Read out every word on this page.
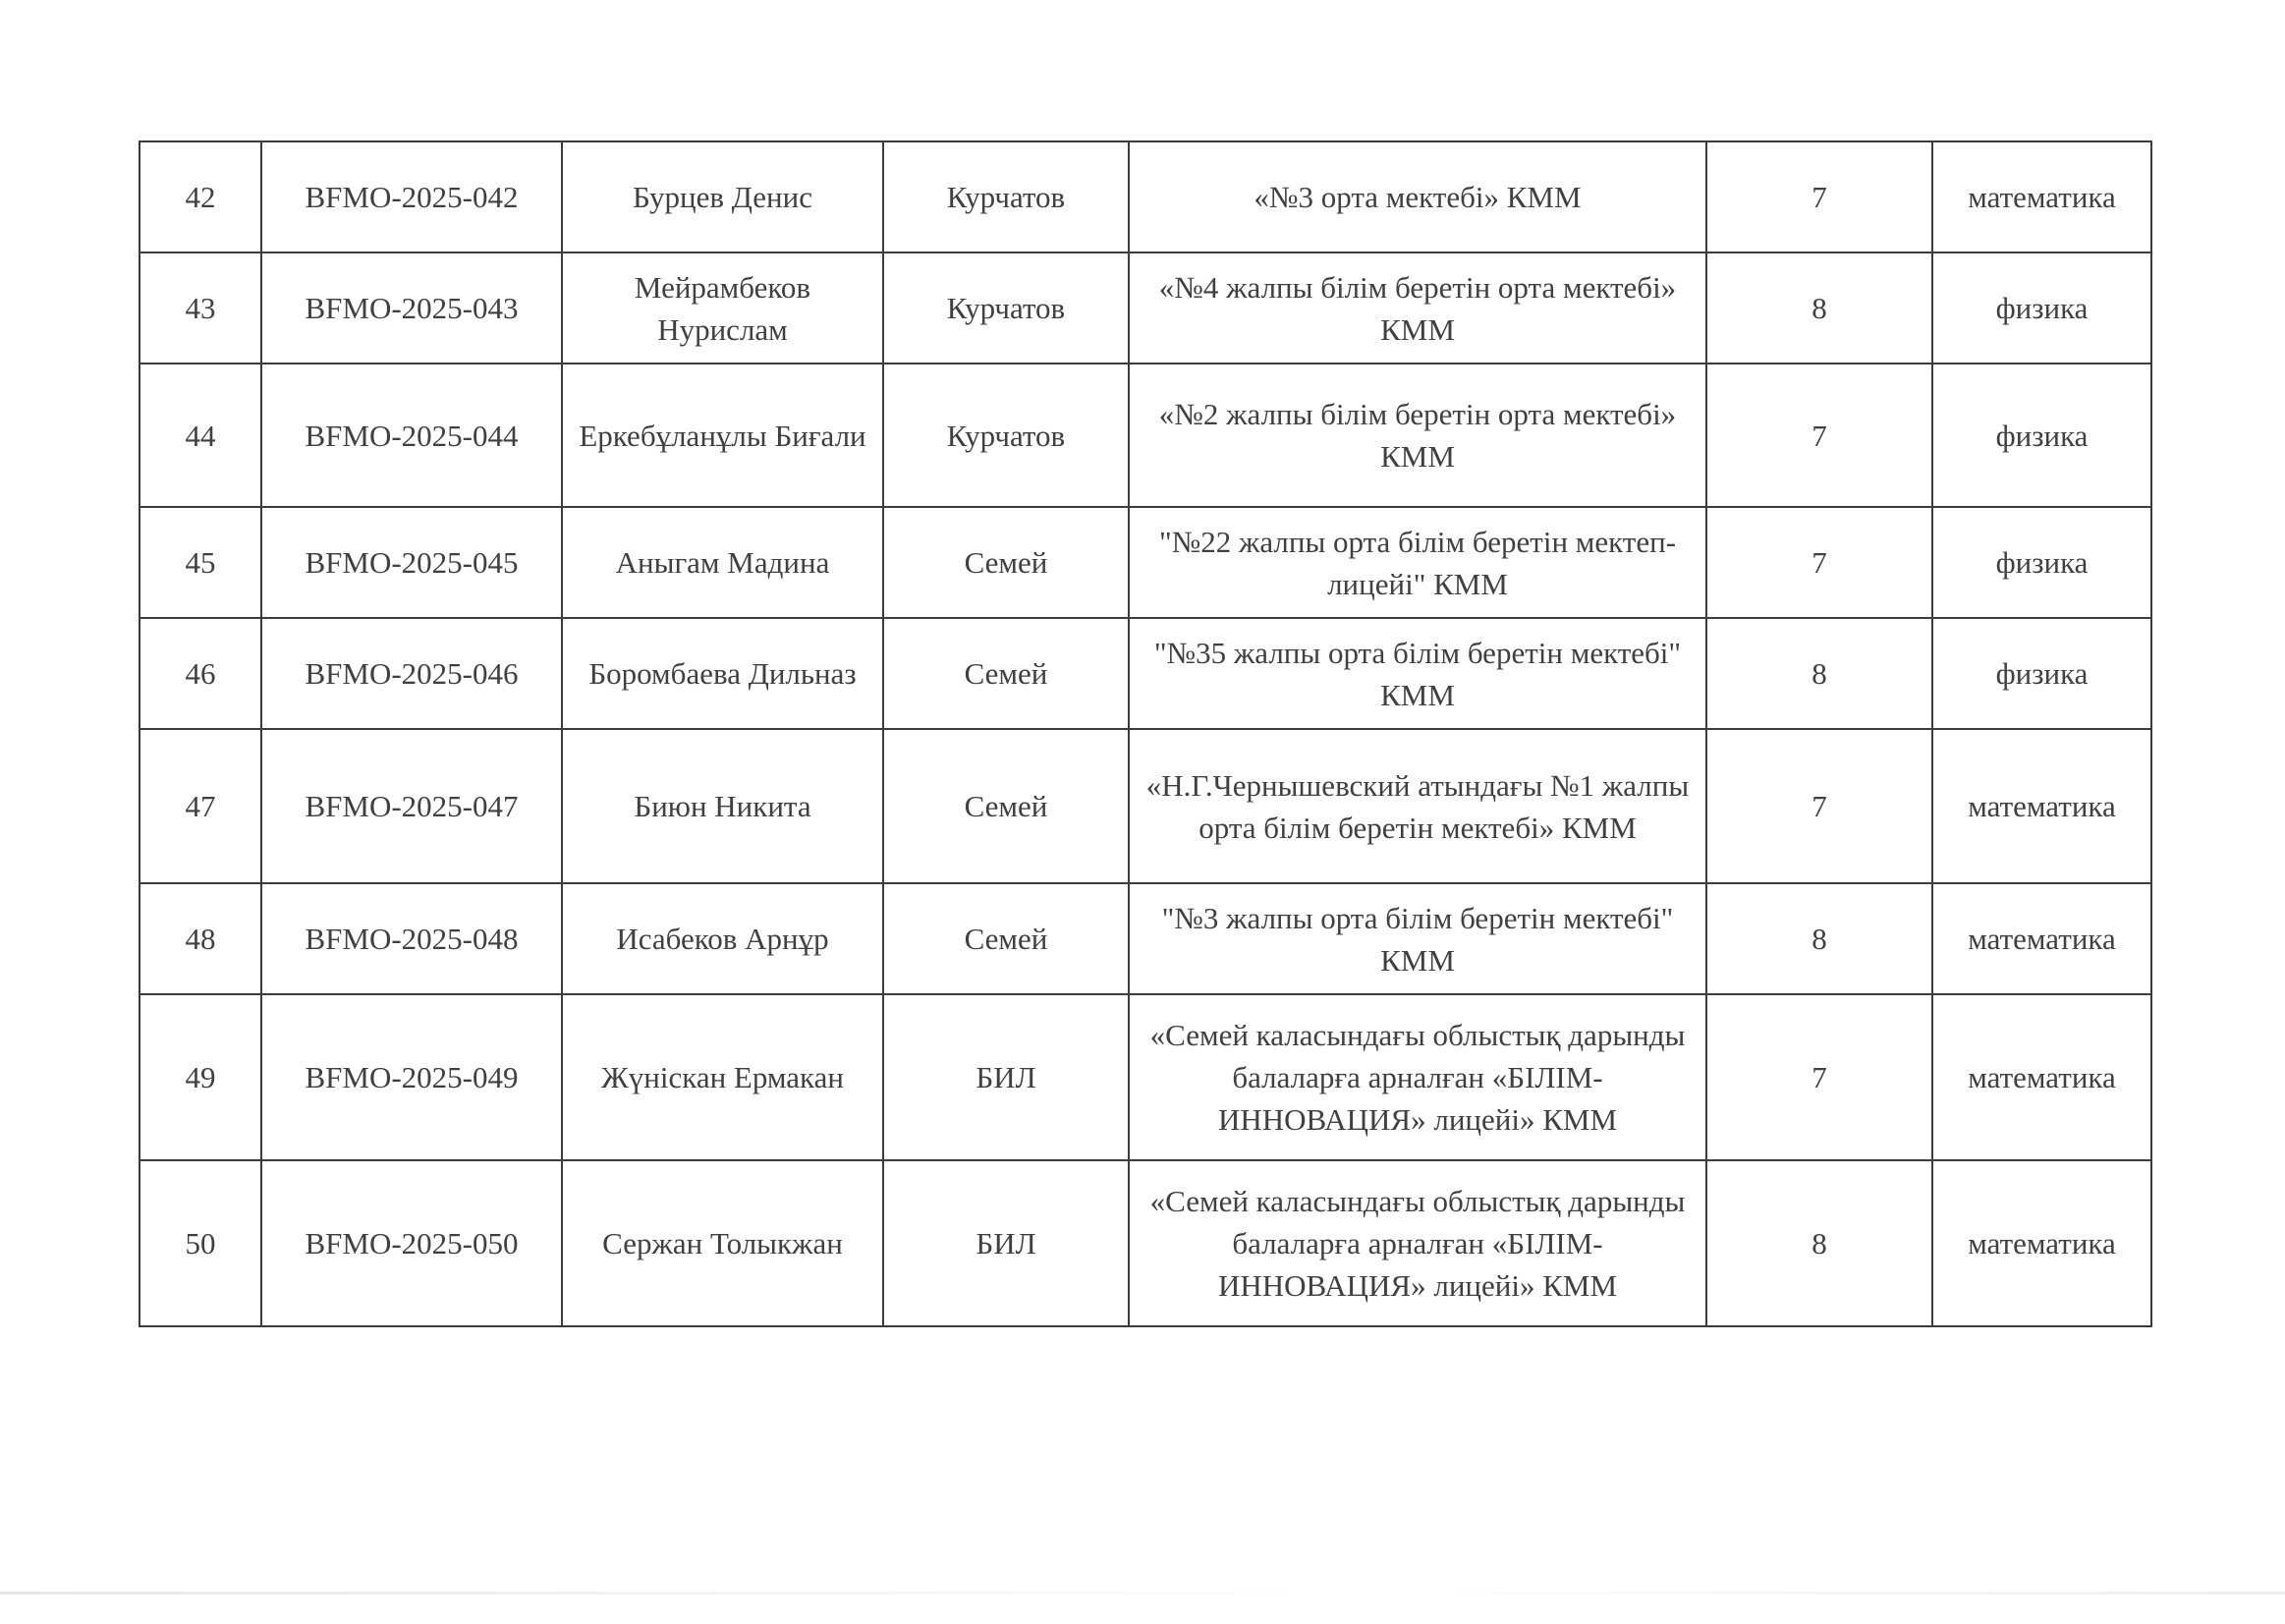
42	BFMO-2025-042	Бурцев Денис	Курчатов	«№3 орта мектебі» КММ	7	математика
43	BFMO-2025-043	Мейрамбеков Нурислам	Курчатов	«№4 жалпы білім беретін орта мектебі» КММ	8	физика
44	BFMO-2025-044	Еркебұланұлы Биғали	Курчатов	«№2 жалпы білім беретін орта мектебі» КММ	7	физика
45	BFMO-2025-045	Аныгам Мадина	Семей	"№22 жалпы орта білім беретін мектеп-лицейі" КММ	7	физика
46	BFMO-2025-046	Боромбаева Дильназ	Семей	"№35 жалпы орта білім беретін мектебі" КММ	8	физика
47	BFMO-2025-047	Биюн Никита	Семей	«Н.Г.Чернышевский атындағы №1 жалпы орта білім беретін мектебі» КММ	7	математика
48	BFMO-2025-048	Исабеков Арнұр	Семей	"№3 жалпы орта білім беретін мектебі" КММ	8	математика
49	BFMO-2025-049	Жүніскан Ермакан	БИЛ	«Семей каласындағы облыстық дарынды балаларға арналған «БІЛІМ-ИННОВАЦИЯ» лицейі» КММ	7	математика
50	BFMO-2025-050	Сержан Толыкжан	БИЛ	«Семей каласындағы облыстық дарынды балаларға арналған «БІЛІМ-ИННОВАЦИЯ» лицейі» КММ	8	математика
